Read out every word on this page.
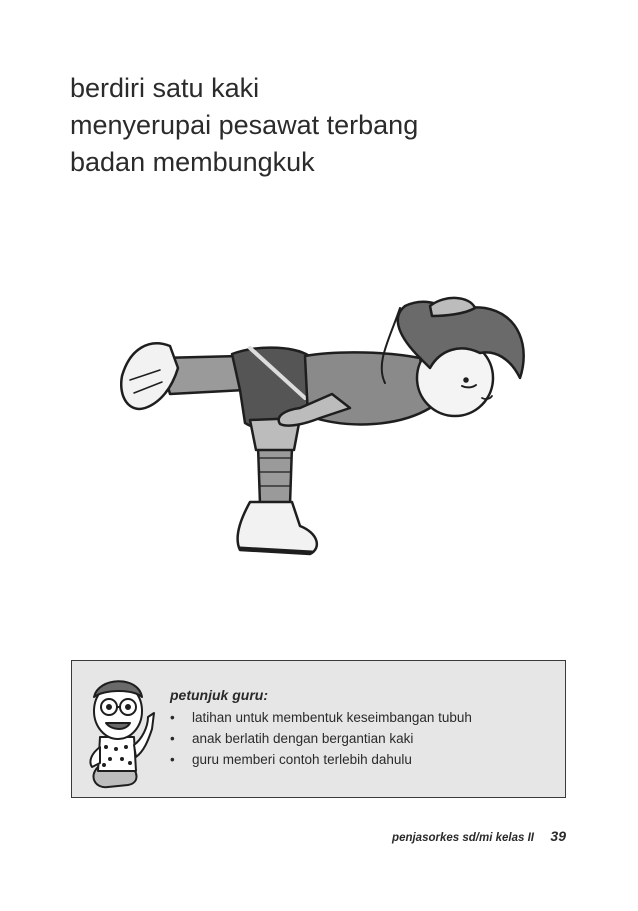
berdiri satu kaki
menyerupai pesawat terbang
badan membungkuk
petunjuk guru:
•	latihan untuk membentuk keseimbangan tubuh
•	anak berlatih dengan bergantian kaki
•	guru memberi contoh terlebih dahulu
penjasorkes sd/mi kelas II 39
